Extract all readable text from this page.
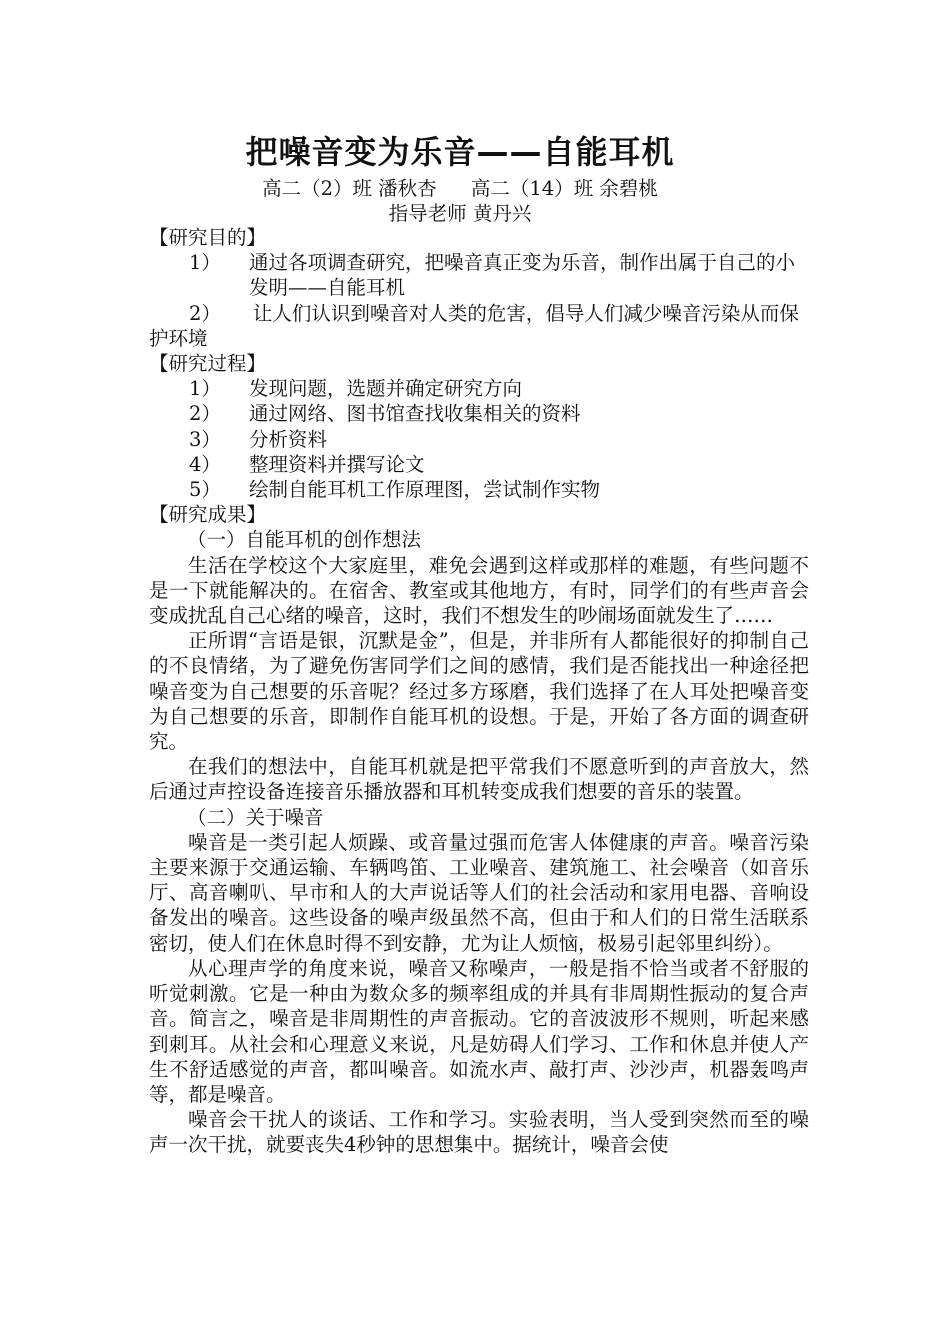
把噪音变为乐音——自能耳机
高二（2）班 潘秋杏 高二（14）班 余碧桃
指导老师 黄丹兴

【研究目的】

1） 通过各项调查研究，把噪音真正变为乐音，制作出属于自己的小发明——自能耳机

2） 让人们认识到噪音对人类的危害，倡导人们减少噪音污染从而保护环境

【研究过程】

1） 发现问题，选题并确定研究方向

2） 通过网络、图书馆查找收集相关的资料

3） 分析资料

4） 整理资料并撰写论文

5） 绘制自能耳机工作原理图，尝试制作实物

【研究成果】

（一）自能耳机的创作想法

生活在学校这个大家庭里，难免会遇到这样或那样的难题，有些问题不是一下就能解决的。在宿舍、教室或其他地方，有时，同学们的有些声音会变成扰乱自己心绪的噪音，这时，我们不想发生的吵闹场面就发生了……

正所谓“言语是银，沉默是金”，但是，并非所有人都能很好的抑制自己的不良情绪，为了避免伤害同学们之间的感情，我们是否能找出一种途径把噪音变为自己想要的乐音呢？经过多方琢磨，我们选择了在人耳处把噪音变为自己想要的乐音，即制作自能耳机的设想。于是，开始了各方面的调查研究。

在我们的想法中，自能耳机就是把平常我们不愿意听到的声音放大，然后通过声控设备连接音乐播放器和耳机转变成我们想要的音乐的装置。

（二）关于噪音

噪音是一类引起人烦躁、或音量过强而危害人体健康的声音。噪音污染主要来源于交通运输、车辆鸣笛、工业噪音、建筑施工、社会噪音（如音乐厅、高音喇叭、早市和人的大声说话等人们的社会活动和家用电器、音响设备发出的噪音。这些设备的噪声级虽然不高，但由于和人们的日常生活联系密切，使人们在休息时得不到安静，尤为让人烦恼，极易引起邻里纠纷）。

从心理声学的角度来说，噪音又称噪声，一般是指不恰当或者不舒服的听觉刺激。它是一种由为数众多的频率组成的并具有非周期性振动的复合声音。简言之，噪音是非周期性的声音振动。它的音波波形不规则，听起来感到刺耳。从社会和心理意义来说，凡是妨碍人们学习、工作和休息并使人产生不舒适感觉的声音，都叫噪音。如流水声、敲打声、沙沙声，机器轰鸣声等，都是噪音。

噪音会干扰人的谈话、工作和学习。实验表明，当人受到突然而至的噪声一次干扰，就要丧失4秒钟的思想集中。据统计，噪音会使
